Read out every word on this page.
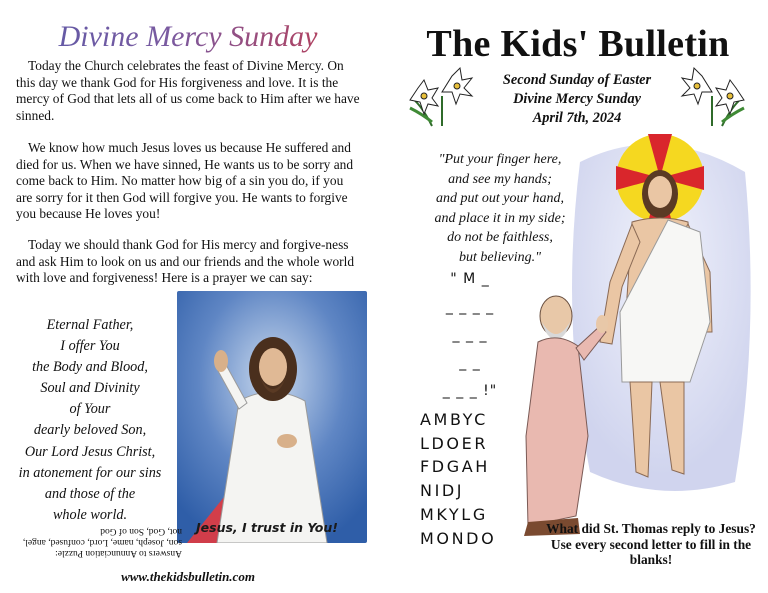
Divine Mercy Sunday

Today the Church celebrates the feast of Divine Mercy. On this day we thank God for His forgiveness and love. It is the mercy of God that lets all of us come back to Him after we have sinned.

We know how much Jesus loves us because He suffered and died for us. When we have sinned, He wants us to be sorry and come back to Him. No matter how big of a sin you do, if you are sorry for it then God will forgive you. He wants to forgive you because He loves you!

Today we should thank God for His mercy and forgive-ness and ask Him to look on us and our friends and the whole world with love and forgiveness! Here is a prayer we can say:

Eternal Father,
I offer You
the Body and Blood,
Soul and Divinity
of Your
dearly beloved Son,
Our Lord Jesus Christ,
in atonement for our sins
and those of the
whole world.
Jesus, I trust in You!
Answers to Annunciation Puzzle:
son, Joseph, name, Lord, confused, angel,
not, God, Son of God
www.thekidsbulletin.com
The Kids' Bulletin
Second Sunday of Easter
Divine Mercy Sunday
April 7th, 2024
"Put your finger here,
and see my hands;
and put out your hand,
and place it in my side;
do not be faithless,
but believing."
" M _
_ _ _ _
_ _ _
_ _
_ _ _ !"
AMBYC
LDOER
FDGAH
NIDJ
MKYLG
MONDO
What did St. Thomas reply to Jesus? Use every second letter to fill in the blanks!
